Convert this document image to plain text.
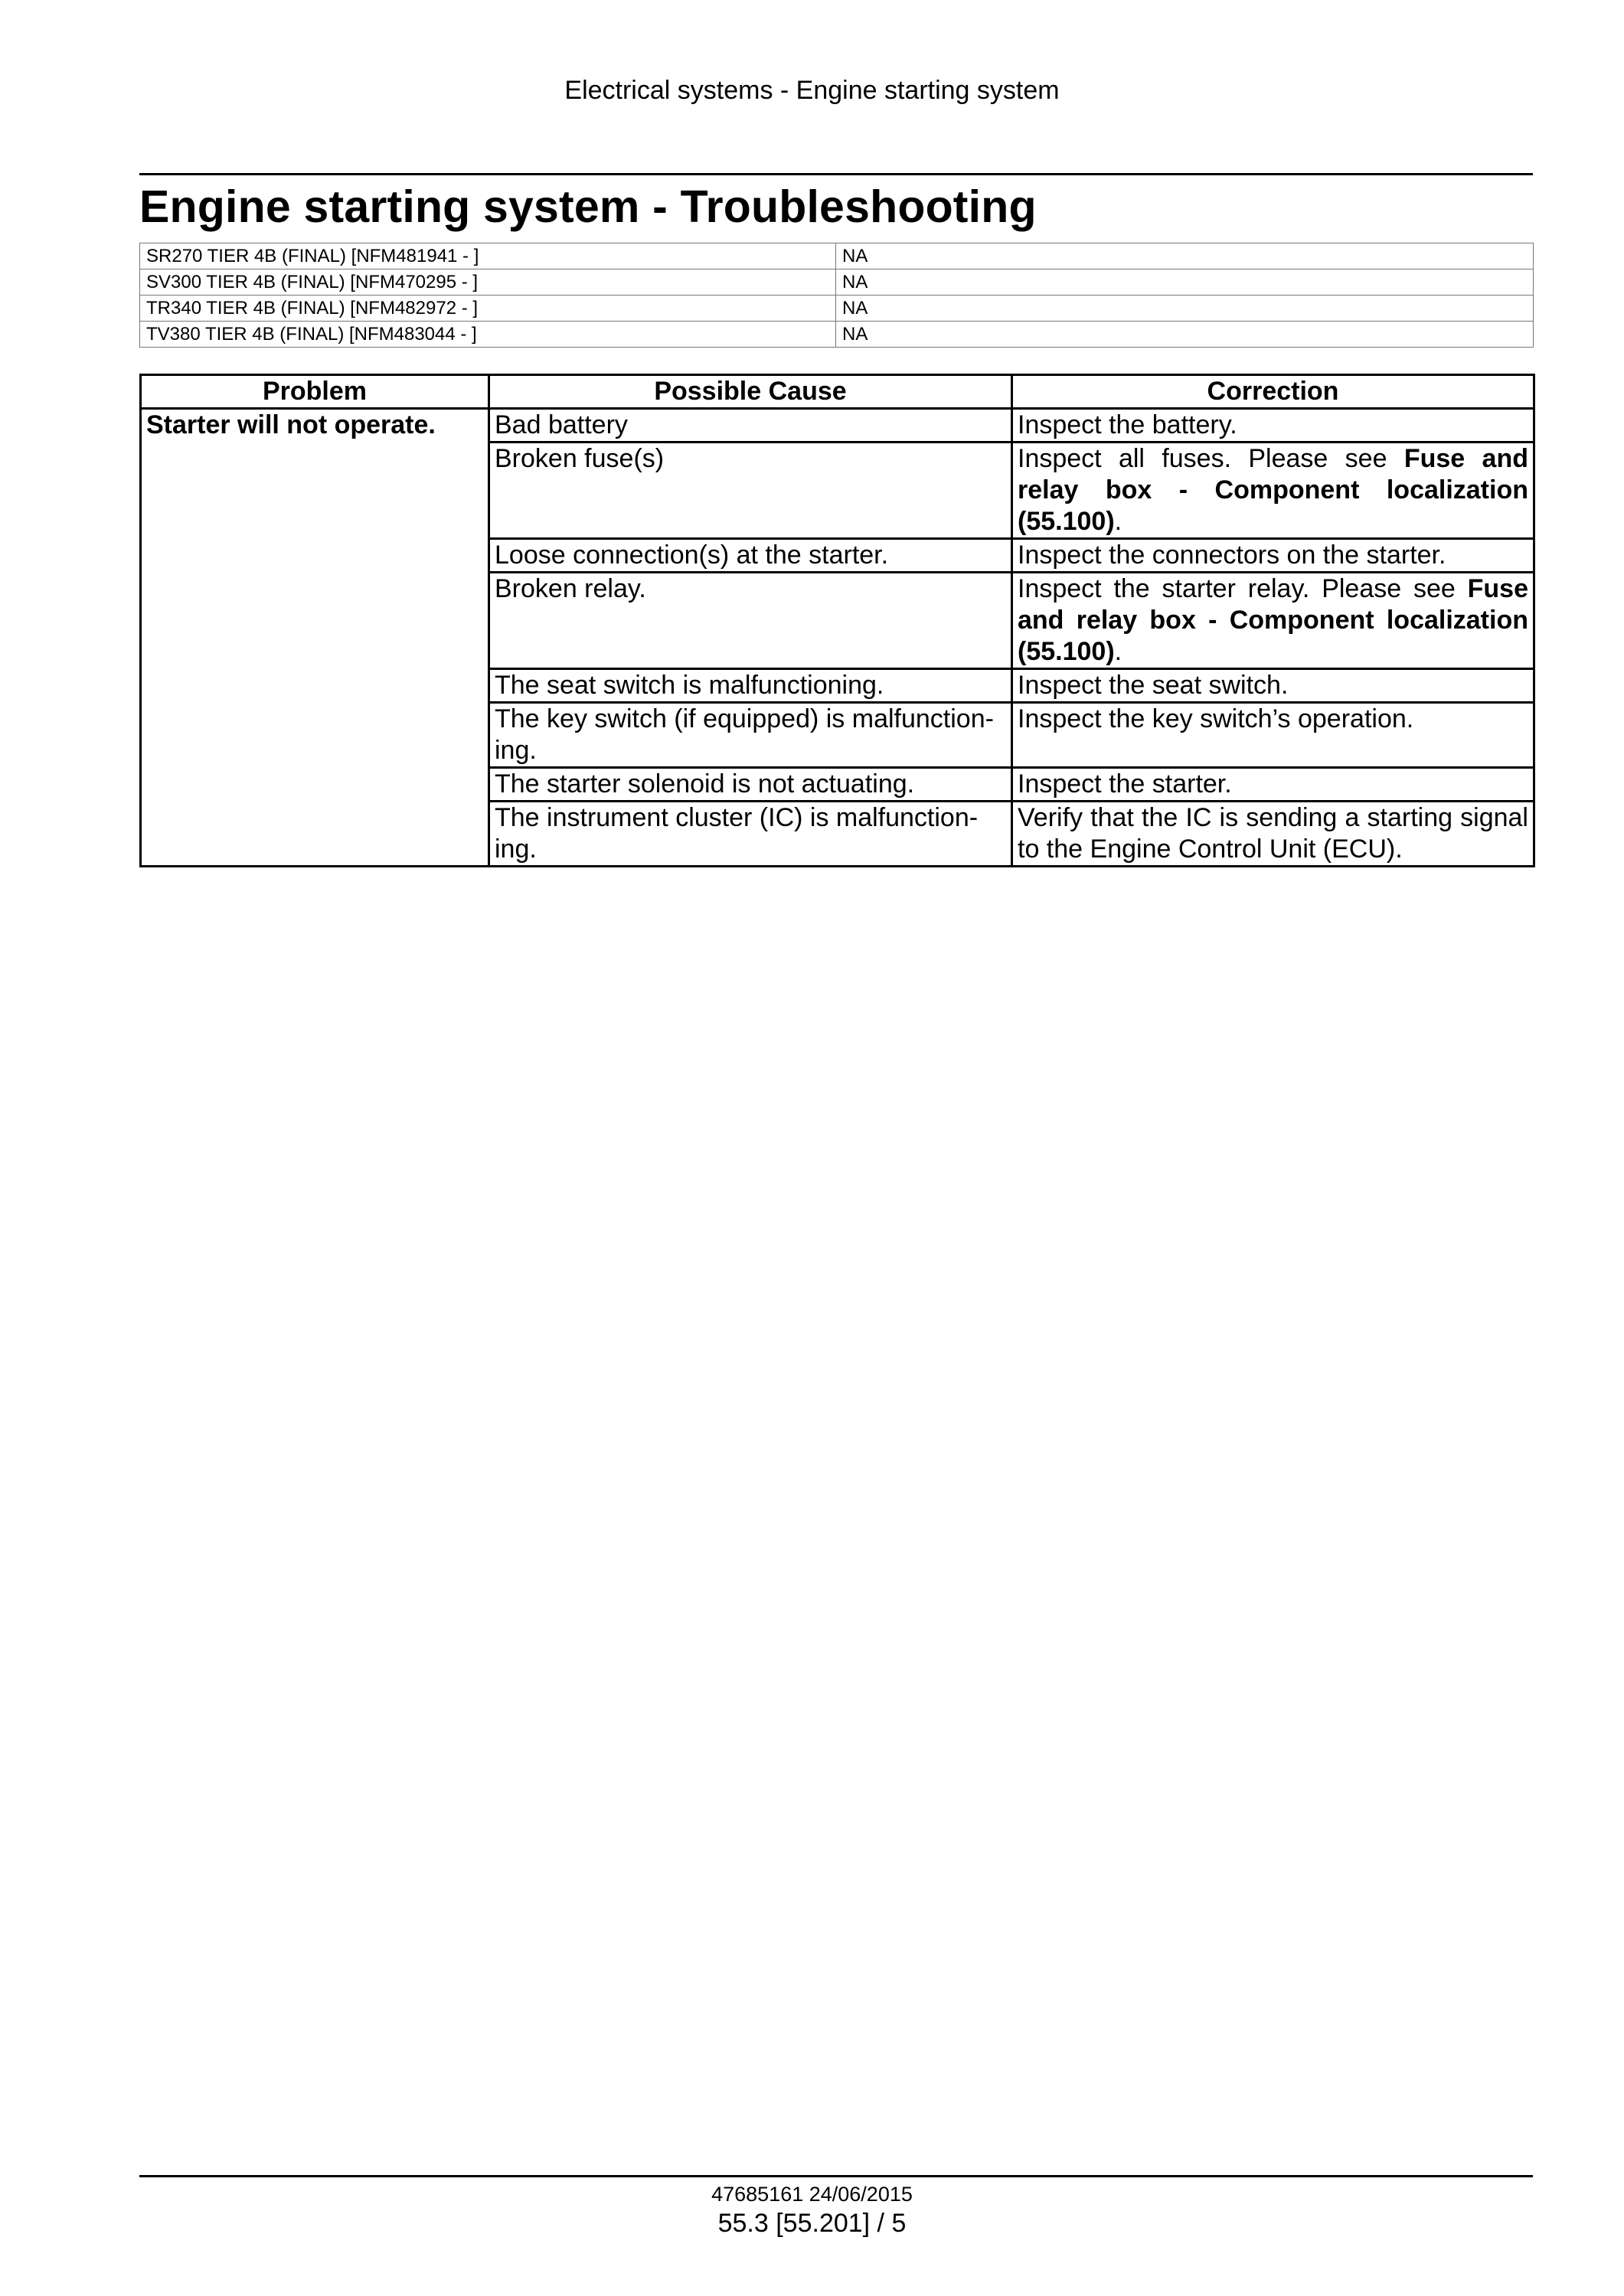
Electrical systems - Engine starting system
Engine starting system - Troubleshooting
SR270 TIER 4B (FINAL) [NFM481941 - ]	NA
SV300 TIER 4B (FINAL) [NFM470295 - ]	NA
TR340 TIER 4B (FINAL) [NFM482972 - ]	NA
TV380 TIER 4B (FINAL) [NFM483044 - ]	NA
Problem	Possible Cause	Correction
Starter will not operate.	Bad battery	Inspect the battery.
	Broken fuse(s)	Inspect all fuses. Please see Fuse and relay box - Component localization (55.100).
	Loose connection(s) at the starter.	Inspect the connectors on the starter.
	Broken relay.	Inspect the starter relay. Please see Fuse and relay box - Component localization (55.100).
	The seat switch is malfunctioning.	Inspect the seat switch.
	The key switch (if equipped) is malfunction-ing.	Inspect the key switch’s operation.
	The starter solenoid is not actuating.	Inspect the starter.
	The instrument cluster (IC) is malfunction-ing.	Verify that the IC is sending a starting signal to the Engine Control Unit (ECU).
47685161 24/06/2015
55.3 [55.201] / 5
